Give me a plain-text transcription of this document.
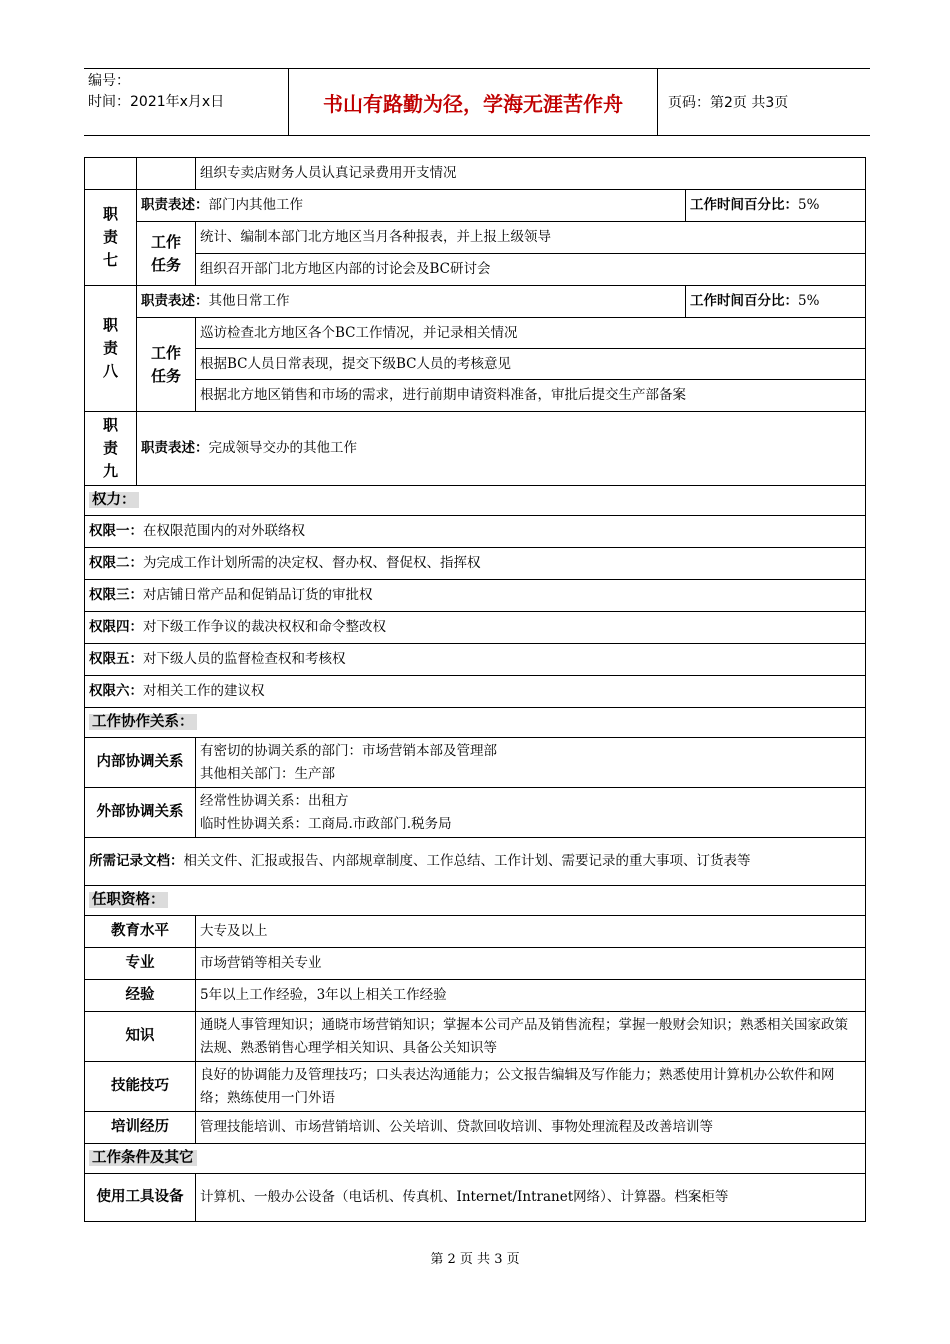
编号：
时间：2021年x月x日	书山有路勤为径，学海无涯苦作舟	页码：第2页 共3页
		组织专卖店财务人员认真记录费用开支情况	
职
责
七	职责表述：部门内其他工作		工作时间百分比：5%
	工作
任务	统计、编制本部门北方地区当月各种报表，并上报上级领导	
		组织召开部门北方地区内部的讨论会及BC研讨会	
职
责
八	职责表述：其他日常工作		工作时间百分比：5%
	工作
任务	巡访检查北方地区各个BC工作情况，并记录相关情况	
		根据BC人员日常表现，提交下级BC人员的考核意见	
		根据北方地区销售和市场的需求，进行前期申请资料准备，审批后提交生产部备案	
职
责
九	职责表述：完成领导交办的其他工作		
权力：			
权限一：在权限范围内的对外联络权			
权限二：为完成工作计划所需的决定权、督办权、督促权、指挥权			
权限三：对店铺日常产品和促销品订货的审批权			
权限四：对下级工作争议的裁决权权和命令整改权			
权限五：对下级人员的监督检查权和考核权			
权限六：对相关工作的建议权			
工作协作关系：			
内部协调关系		有密切的协调关系的部门：市场营销本部及管理部
其他相关部门：生产部	

外部协调关系		经常性协调关系：出租方
临时性协调关系：工商局.市政部门.税务局	

所需记录文档：相关文件、汇报或报告、内部规章制度、工作总结、工作计划、需要记录的重大事项、订货表等			
任职资格：			
教育水平		大专及以上	
专业		市场营销等相关专业	
经验		5年以上工作经验，3年以上相关工作经验	
知识		通晓人事管理知识；通晓市场营销知识；掌握本公司产品及销售流程；掌握一般财会知识；熟悉相关国家政策法规、熟悉销售心理学相关知识、具备公关知识等	
技能技巧		良好的协调能力及管理技巧；口头表达沟通能力；公文报告编辑及写作能力；熟悉使用计算机办公软件和网络；熟练使用一门外语	
培训经历		管理技能培训、市场营销培训、公关培训、贷款回收培训、事物处理流程及改善培训等	
工作条件及其它			
使用工具设备		计算机、一般办公设备（电话机、传真机、Internet/Intranet网络）、计算器。档案柜等	
第 2 页 共 3 页
